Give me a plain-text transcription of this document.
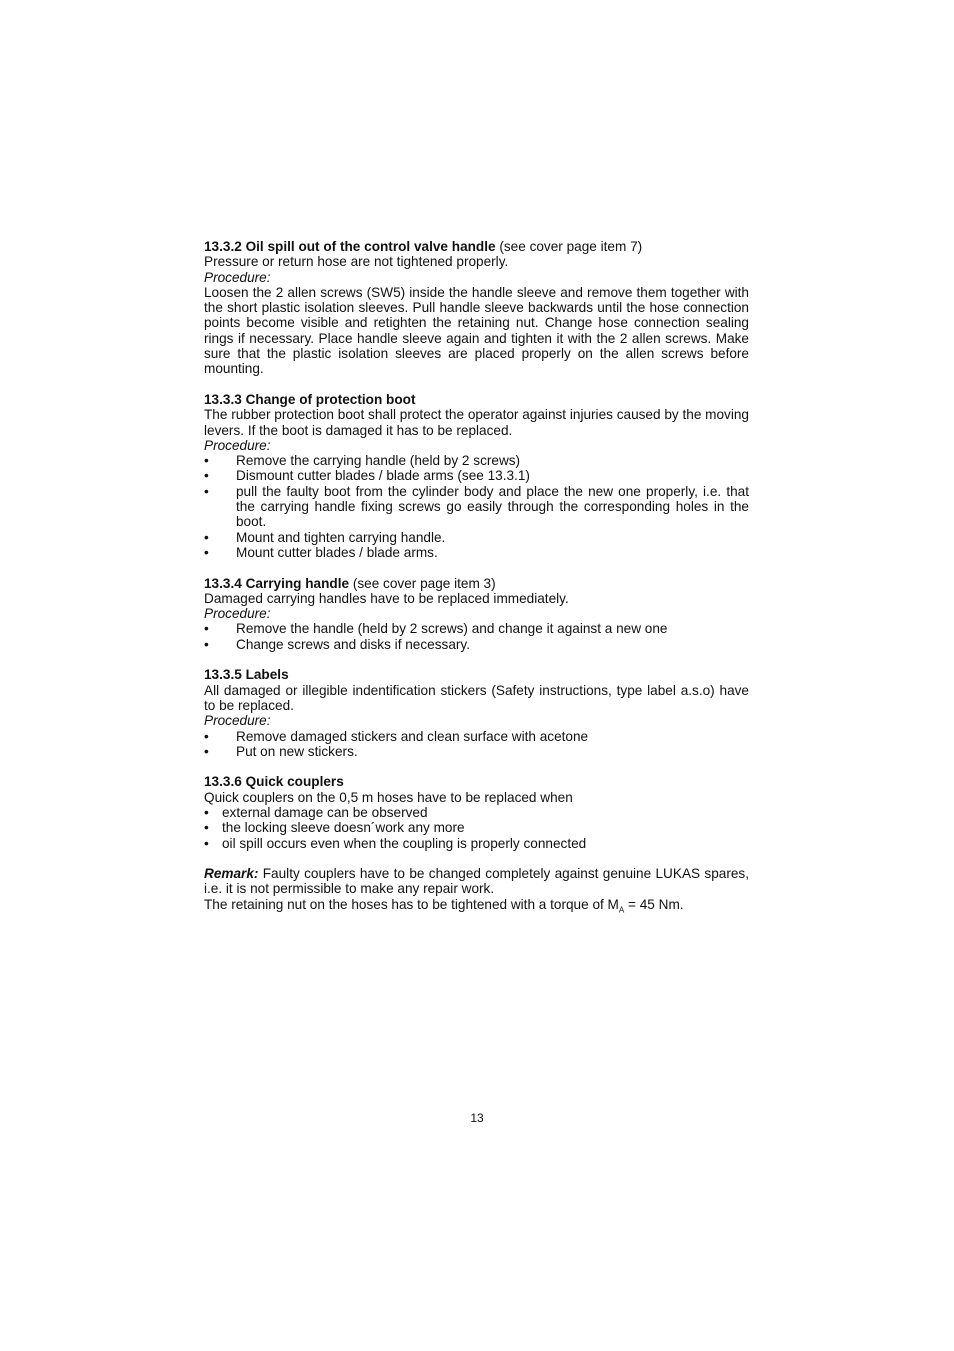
13.3.2 Oil spill out of the control valve handle (see cover page item 7)

Pressure or return hose are not tightened properly.

Procedure:

Loosen the 2 allen screws (SW5) inside the handle sleeve and remove them together with the short plastic isolation sleeves. Pull handle sleeve backwards until the hose connection points become visible and retighten the retaining nut. Change hose connection sealing rings if necessary. Place handle sleeve again and tighten it with the 2 allen screws. Make sure that the plastic isolation sleeves are placed properly on the allen screws before mounting.

13.3.3 Change of protection boot

The rubber protection boot shall protect the operator against injuries caused by the moving levers. If the boot is damaged it has to be replaced.

Procedure:
• Remove the carrying handle (held by 2 screws)
• Dismount cutter blades / blade arms (see 13.3.1)
• pull the faulty boot from the cylinder body and place the new one properly, i.e. that the carrying handle fixing screws go easily through the corresponding holes in the boot.
• Mount and tighten carrying handle.
• Mount cutter blades / blade arms.
13.3.4 Carrying handle (see cover page item 3)

Damaged carrying handles have to be replaced immediately.

Procedure:
• Remove the handle (held by 2 screws) and change it against a new one
• Change screws and disks if necessary.
13.3.5 Labels

All damaged or illegible indentification stickers (Safety instructions, type label a.s.o) have to be replaced.

Procedure:
• Remove damaged stickers and clean surface with acetone
• Put on new stickers.
13.3.6 Quick couplers

Quick couplers on the 0,5 m hoses have to be replaced when

• external damage can be observed
• the locking sleeve doesn´work any more
• oil spill occurs even when the coupling is properly connected

Remark: Faulty couplers have to be changed completely against genuine LUKAS spares, i.e. it is not permissible to make any repair work.

The retaining nut on the hoses has to be tightened with a torque of $M_A = 45$ Nm.

13
